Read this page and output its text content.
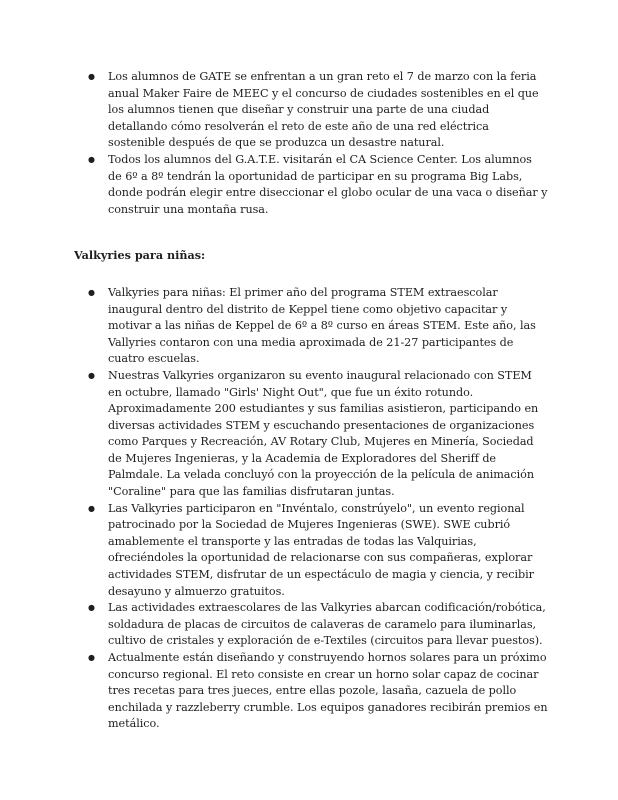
● Los alumnos de GATE se enfrentan a un gran reto el 7 de marzo con la feria anual Maker Faire de MEEC y el concurso de ciudades sostenibles en el que los alumnos tienen que diseñar y construir una parte de una ciudad detallando cómo resolverán el reto de este año de una red eléctrica sostenible después de que se produzca un desastre natural.
● Todos los alumnos del G.A.T.E. visitarán el CA Science Center. Los alumnos de 6º a 8º tendrán la oportunidad de participar en su programa Big Labs, donde podrán elegir entre diseccionar el globo ocular de una vaca o diseñar y construir una montaña rusa.
Valkyries para niñas:
● Valkyries para niñas: El primer año del programa STEM extraescolar inaugural dentro del distrito de Keppel tiene como objetivo capacitar y motivar a las niñas de Keppel de 6º a 8º curso en áreas STEM. Este año, las Vallyries contaron con una media aproximada de 21-27 participantes de cuatro escuelas.
● Nuestras Valkyries organizaron su evento inaugural relacionado con STEM en octubre, llamado "Girls' Night Out", que fue un éxito rotundo. Aproximadamente 200 estudiantes y sus familias asistieron, participando en diversas actividades STEM y escuchando presentaciones de organizaciones como Parques y Recreación, AV Rotary Club, Mujeres en Minería, Sociedad de Mujeres Ingenieras, y la Academia de Exploradores del Sheriff de Palmdale. La velada concluyó con la proyección de la película de animación "Coraline" para que las familias disfrutaran juntas.
● Las Valkyries participaron en "Invéntalo, constrúyelo", un evento regional patrocinado por la Sociedad de Mujeres Ingenieras (SWE). SWE cubrió amablemente el transporte y las entradas de todas las Valquirias, ofreciéndoles la oportunidad de relacionarse con sus compañeras, explorar actividades STEM, disfrutar de un espectáculo de magia y ciencia, y recibir desayuno y almuerzo gratuitos.
● Las actividades extraescolares de las Valkyries abarcan codificación/robótica, soldadura de placas de circuitos de calaveras de caramelo para iluminarlas, cultivo de cristales y exploración de e-Textiles (circuitos para llevar puestos).
● Actualmente están diseñando y construyendo hornos solares para un próximo concurso regional. El reto consiste en crear un horno solar capaz de cocinar tres recetas para tres jueces, entre ellas pozole, lasaña, cazuela de pollo enchilada y razzleberry crumble. Los equipos ganadores recibirán premios en metálico.
